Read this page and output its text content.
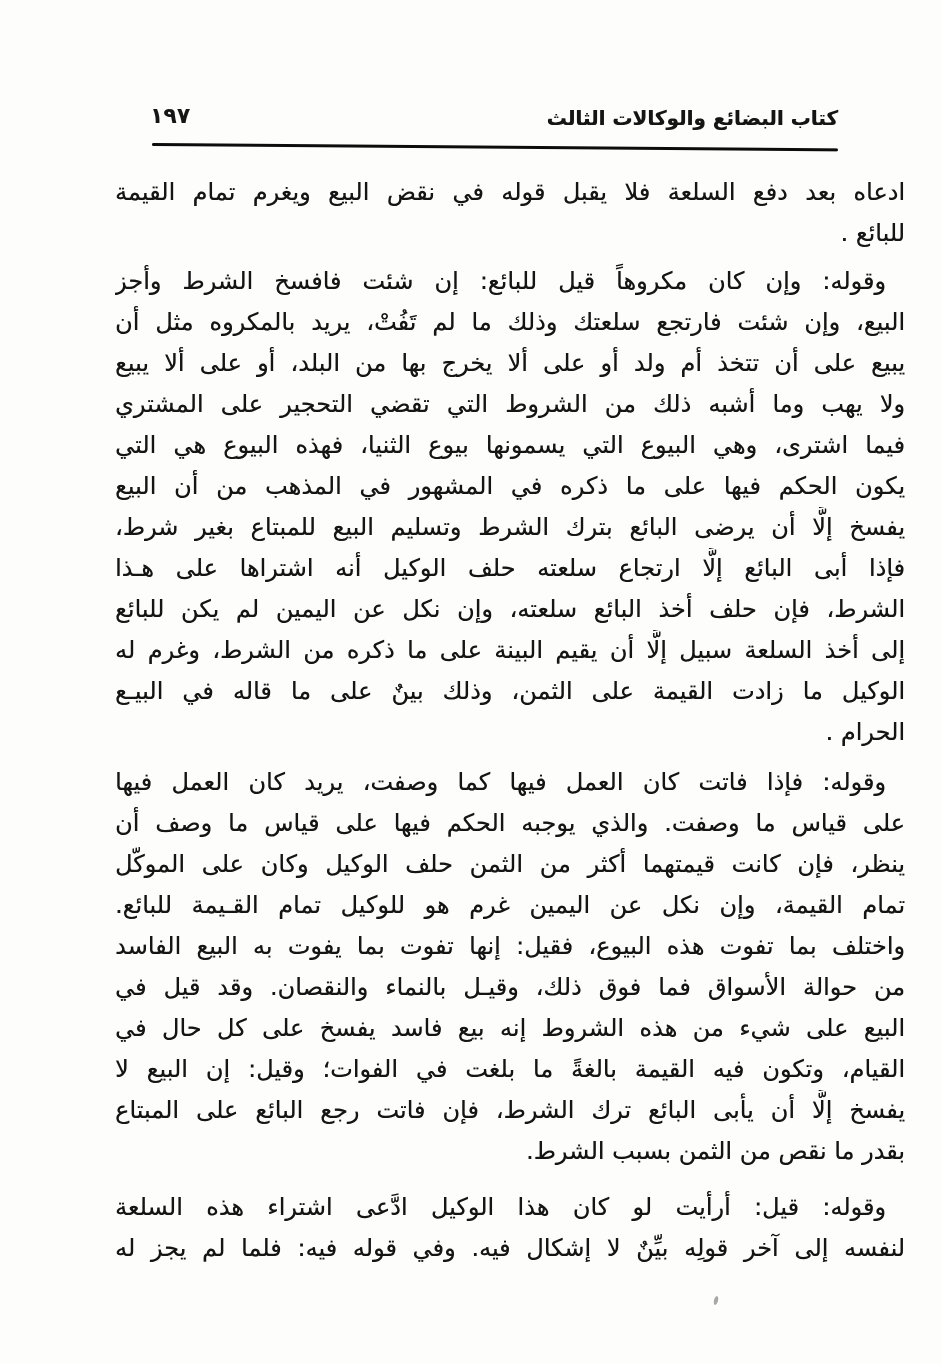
١٩٧	كتاب البضائع والوكالات الثالث
ادعاه بعد دفع السلعة فلا يقبل قوله في نقض البيع ويغرم تمام القيمة
للبائع .
وقوله: وإن كان مكروهاً قيل للبائع: إن شئت فافسخ الشرط وأجز
البيع، وإن شئت فارتجع سلعتك وذلك ما لم تَفُتْ، يريد بالمكروه مثل أن
يبيع على أن تتخذ أم ولد أو على ألا يخرج بها من البلد، أو على ألا يبيع
ولا يهب وما أشبه ذلك من الشروط التي تقضي التحجير على المشتري
فيما اشترى، وهي البيوع التي يسمونها بيوع الثنيا، فهذه البيوع هي التي
يكون الحكم فيها على ما ذكره في المشهور في المذهب من أن البيع
يفسخ إلَّا أن يرضى البائع بترك الشرط وتسليم البيع للمبتاع بغير شرط،
فإذا أبى البائع إلَّا ارتجاع سلعته حلف الوكيل أنه اشتراها على هـذا
الشرط، فإن حلف أخذ البائع سلعته، وإن نكل عن اليمين لم يكن للبائع
إلى أخذ السلعة سبيل إلَّا أن يقيم البينة على ما ذكره من الشرط، وغرم له
الوكيل ما زادت القيمة على الثمن، وذلك بينٌ على ما قاله في البيـع
الحرام .
وقوله: فإذا فاتت كان العمل فيها كما وصفت، يريد كان العمل فيها
على قياس ما وصفت. والذي يوجبه الحكم فيها على قياس ما وصف أن
ينظر، فإن كانت قيمتهما أكثر من الثمن حلف الوكيل وكان على الموكّل
تمام القيمة، وإن نكل عن اليمين غرم هو للوكيل تمام القـيمة للبائع.
واختلف بما تفوت هذه البيوع، فقيل: إنها تفوت بما يفوت به البيع الفاسد
من حوالة الأسواق فما فوق ذلك، وقيـل بالنماء والنقصان. وقد قيل في
البيع على شيء من هذه الشروط إنه بيع فاسد يفسخ على كل حال في
القيام، وتكون فيه القيمة بالغةً ما بلغت في الفوات؛ وقيل: إن البيع لا
يفسخ إلَّا أن يأبى البائع ترك الشرط، فإن فاتت رجع البائع على المبتاع
بقدر ما نقص من الثمن بسبب الشرط.
وقوله: قيل: أرأيت لو كان هذا الوكيل ادَّعى اشتراء هذه السلعة
لنفسه إلى آخر قولِه بيِّنٌ لا إشكال فيه. وفي قوله فيه: فلما لم يجز له
